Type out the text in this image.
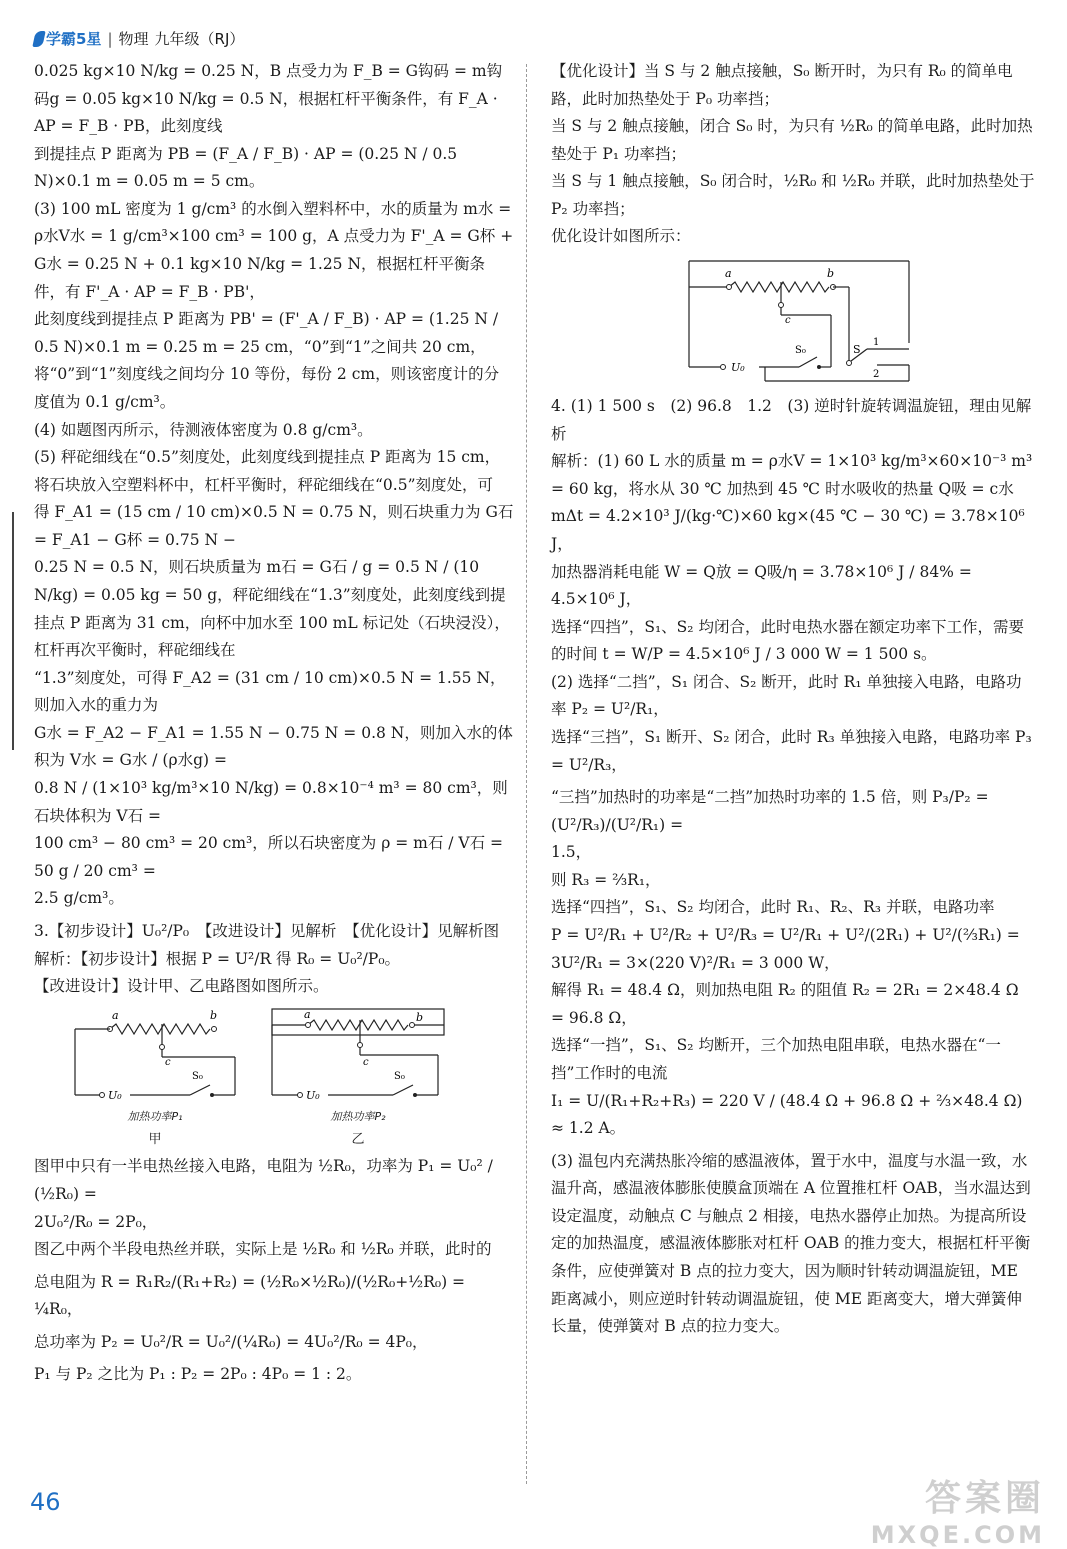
学霸5星 | 物理 九年级（RJ）

0.025 kg×10 N/kg = 0.25 N，B 点受力为 F_B = G钩码 = m钩码g = 0.05 kg×10 N/kg = 0.5 N，根据杠杆平衡条件，有 F_A · AP = F_B · PB，此刻度线

到提挂点 P 距离为 PB = (F_A / F_B) · AP = (0.25 N / 0.5 N)×0.1 m = 0.05 m = 5 cm。

(3) 100 mL 密度为 1 g/cm³ 的水倒入塑料杯中，水的质量为 m水 = ρ水V水 = 1 g/cm³×100 cm³ = 100 g，A 点受力为 F'_A = G杯 + G水 = 0.25 N + 0.1 kg×10 N/kg = 1.25 N，根据杠杆平衡条件，有 F'_A · AP = F_B · PB'，

此刻度线到提挂点 P 距离为 PB' = (F'_A / F_B) · AP = (1.25 N / 0.5 N)×0.1 m = 0.25 m = 25 cm，“0”到“1”之间共 20 cm，将“0”到“1”刻度线之间均分 10 等份，每份 2 cm，则该密度计的分度值为 0.1 g/cm³。

(4) 如题图丙所示，待测液体密度为 0.8 g/cm³。

(5) 秤砣细线在“0.5”刻度处，此刻度线到提挂点 P 距离为 15 cm，将石块放入空塑料杯中，杠杆平衡时，秤砣细线在“0.5”刻度处，可

得 F_A1 = (15 cm / 10 cm)×0.5 N = 0.75 N，则石块重力为 G石 = F_A1 − G杯 = 0.75 N −

0.25 N = 0.5 N，则石块质量为 m石 = G石 / g = 0.5 N / (10 N/kg) = 0.05 kg = 50 g，秤砣细线在“1.3”刻度处，此刻度线到提挂点 P 距离为 31 cm，向杯中加水至 100 mL 标记处（石块浸没），杠杆再次平衡时，秤砣细线在

“1.3”刻度处，可得 F_A2 = (31 cm / 10 cm)×0.5 N = 1.55 N，则加入水的重力为

G水 = F_A2 − F_A1 = 1.55 N − 0.75 N = 0.8 N，则加入水的体积为 V水 = G水 / (ρ水g) =

0.8 N / (1×10³ kg/m³×10 N/kg) = 0.8×10⁻⁴ m³ = 80 cm³，则石块体积为 V石 =

100 cm³ − 80 cm³ = 20 cm³，所以石块密度为 ρ = m石 / V石 = 50 g / 20 cm³ =

2.5 g/cm³。

3.【初步设计】U₀²/P₀　【改进设计】见解析　【优化设计】见解析图

解析：【初步设计】根据 P = U²/R 得 R₀ = U₀²/P₀。

【改进设计】设计甲、乙电路图如图所示。

a	b
c
U₀
S₀
加热功率P₁
甲
a	b
c
U₀
S₀
加热功率P₂
乙

图甲中只有一半电热丝接入电路，电阻为 ½R₀，功率为 P₁ = U₀² / (½R₀) =

2U₀²/R₀ = 2P₀，

图乙中两个半段电热丝并联，实际上是 ½R₀ 和 ½R₀ 并联，此时的

总电阻为 R = R₁R₂/(R₁+R₂) = (½R₀×½R₀)/(½R₀+½R₀) = ¼R₀，

总功率为 P₂ = U₀²/R = U₀²/(¼R₀) = 4U₀²/R₀ = 4P₀，

P₁ 与 P₂ 之比为 P₁ : P₂ = 2P₀ : 4P₀ = 1 : 2。

【优化设计】当 S 与 2 触点接触，S₀ 断开时，为只有 R₀ 的简单电路，此时加热垫处于 P₀ 功率挡；

当 S 与 2 触点接触，闭合 S₀ 时，为只有 ½R₀ 的简单电路，此时加热垫处于 P₁ 功率挡；

当 S 与 1 触点接触，S₀ 闭合时，½R₀ 和 ½R₀ 并联，此时加热垫处于 P₂ 功率挡；

优化设计如图所示：

a	b
c
U₀
S₀	S
1
2

4. (1) 1 500 s　(2) 96.8　1.2　(3) 逆时针旋转调温旋钮，理由见解析

解析：(1) 60 L 水的质量 m = ρ水V = 1×10³ kg/m³×60×10⁻³ m³ = 60 kg，将水从 30 ℃ 加热到 45 ℃ 时水吸收的热量 Q吸 = c水mΔt = 4.2×10³ J/(kg·℃)×60 kg×(45 ℃ − 30 ℃) = 3.78×10⁶ J，

加热器消耗电能 W = Q放 = Q吸/η = 3.78×10⁶ J / 84% = 4.5×10⁶ J，

选择“四挡”，S₁、S₂ 均闭合，此时电热水器在额定功率下工作，需要的时间 t = W/P = 4.5×10⁶ J / 3 000 W = 1 500 s。

(2) 选择“二挡”，S₁ 闭合、S₂ 断开，此时 R₁ 单独接入电路，电路功率 P₂ = U²/R₁，

选择“三挡”，S₁ 断开、S₂ 闭合，此时 R₃ 单独接入电路，电路功率 P₃ = U²/R₃，

“三挡”加热时的功率是“二挡”加热时功率的 1.5 倍，则 P₃/P₂ = (U²/R₃)/(U²/R₁) =

1.5，

则 R₃ = ⅔R₁，

选择“四挡”，S₁、S₂ 均闭合，此时 R₁、R₂、R₃ 并联，电路功率

P = U²/R₁ + U²/R₂ + U²/R₃ = U²/R₁ + U²/(2R₁) + U²/(⅔R₁) = 3U²/R₁ = 3×(220 V)²/R₁ = 3 000 W，

解得 R₁ = 48.4 Ω，则加热电阻 R₂ 的阻值 R₂ = 2R₁ = 2×48.4 Ω = 96.8 Ω，

选择“一挡”，S₁、S₂ 均断开，三个加热电阻串联，电热水器在“一挡”工作时的电流

I₁ = U/(R₁+R₂+R₃) = 220 V / (48.4 Ω + 96.8 Ω + ⅔×48.4 Ω) ≈ 1.2 A。

(3) 温包内充满热胀冷缩的感温液体，置于水中，温度与水温一致，水温升高，感温液体膨胀使膜盒顶端在 A 位置推杠杆 OAB，当水温达到设定温度，动触点 C 与触点 2 相接，电热水器停止加热。为提高所设定的加热温度，感温液体膨胀对杠杆 OAB 的推力变大，根据杠杆平衡条件，应使弹簧对 B 点的拉力变大，因为顺时针转动调温旋钮，ME 距离减小，则应逆时针转动调温旋钮，使 ME 距离变大，增大弹簧伸长量，使弹簧对 B 点的拉力变大。

46	答案圈
MXQE.COM
